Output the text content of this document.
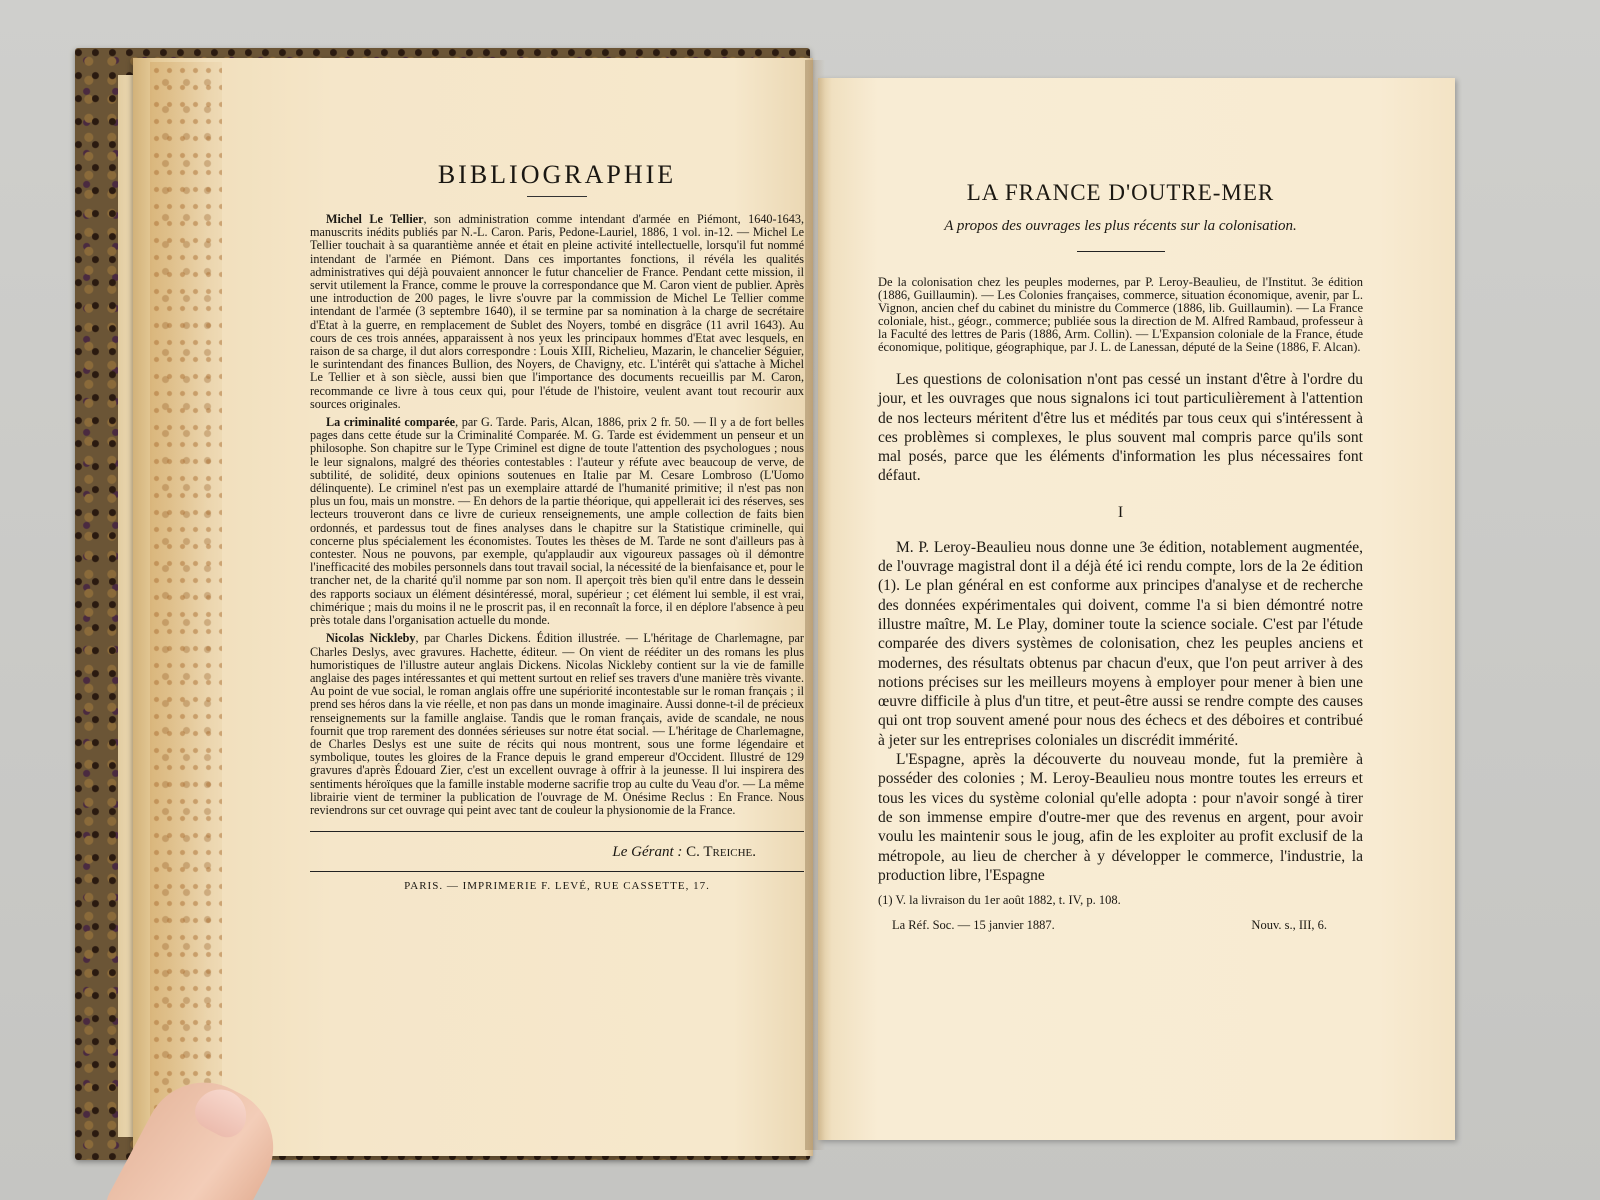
BIBLIOGRAPHIE

Michel Le Tellier, son administration comme intendant d'armée en Piémont, 1640-1643, manuscrits inédits publiés par N.-L. Caron. Paris, Pedone-Lauriel, 1886, 1 vol. in-12. — Michel Le Tellier touchait à sa quarantième année et était en pleine activité intellectuelle, lorsqu'il fut nommé intendant de l'armée en Piémont. Dans ces importantes fonctions, il révéla les qualités administratives qui déjà pouvaient annoncer le futur chancelier de France. Pendant cette mission, il servit utilement la France, comme le prouve la correspondance que M. Caron vient de publier. Après une introduction de 200 pages, le livre s'ouvre par la commission de Michel Le Tellier comme intendant de l'armée (3 septembre 1640), il se termine par sa nomination à la charge de secrétaire d'Etat à la guerre, en remplacement de Sublet des Noyers, tombé en disgrâce (11 avril 1643). Au cours de ces trois années, apparaissent à nos yeux les principaux hommes d'Etat avec lesquels, en raison de sa charge, il dut alors correspondre : Louis XIII, Richelieu, Mazarin, le chancelier Séguier, le surintendant des finances Bullion, des Noyers, de Chavigny, etc. L'intérêt qui s'attache à Michel Le Tellier et à son siècle, aussi bien que l'importance des documents recueillis par M. Caron, recommande ce livre à tous ceux qui, pour l'étude de l'histoire, veulent avant tout recourir aux sources originales.

La criminalité comparée, par G. Tarde. Paris, Alcan, 1886, prix 2 fr. 50. — Il y a de fort belles pages dans cette étude sur la Criminalité Comparée. M. G. Tarde est évidemment un penseur et un philosophe. Son chapitre sur le Type Criminel est digne de toute l'attention des psychologues ; nous le leur signalons, malgré des théories contestables : l'auteur y réfute avec beaucoup de verve, de subtilité, de solidité, deux opinions soutenues en Italie par M. Cesare Lombroso (L'Uomo délinquente). Le criminel n'est pas un exemplaire attardé de l'humanité primitive; il n'est pas non plus un fou, mais un monstre. — En dehors de la partie théorique, qui appellerait ici des réserves, ses lecteurs trouveront dans ce livre de curieux renseignements, une ample collection de faits bien ordonnés, et pardessus tout de fines analyses dans le chapitre sur la Statistique criminelle, qui concerne plus spécialement les économistes. Toutes les thèses de M. Tarde ne sont d'ailleurs pas à contester. Nous ne pouvons, par exemple, qu'applaudir aux vigoureux passages où il démontre l'inefficacité des mobiles personnels dans tout travail social, la nécessité de la bienfaisance et, pour le trancher net, de la charité qu'il nomme par son nom. Il aperçoit très bien qu'il entre dans le dessein des rapports sociaux un élément désintéressé, moral, supérieur ; cet élément lui semble, il est vrai, chimérique ; mais du moins il ne le proscrit pas, il en reconnaît la force, il en déplore l'absence à peu près totale dans l'organisation actuelle du monde.

Nicolas Nickleby, par Charles Dickens. Édition illustrée. — L'héritage de Charlemagne, par Charles Deslys, avec gravures. Hachette, éditeur. — On vient de rééditer un des romans les plus humoristiques de l'illustre auteur anglais Dickens. Nicolas Nickleby contient sur la vie de famille anglaise des pages intéressantes et qui mettent surtout en relief ses travers d'une manière très vivante. Au point de vue social, le roman anglais offre une supériorité incontestable sur le roman français ; il prend ses héros dans la vie réelle, et non pas dans un monde imaginaire. Aussi donne-t-il de précieux renseignements sur la famille anglaise. Tandis que le roman français, avide de scandale, ne nous fournit que trop rarement des données sérieuses sur notre état social. — L'héritage de Charlemagne, de Charles Deslys est une suite de récits qui nous montrent, sous une forme légendaire et symbolique, toutes les gloires de la France depuis le grand empereur d'Occident. Illustré de 129 gravures d'après Édouard Zier, c'est un excellent ouvrage à offrir à la jeunesse. Il lui inspirera des sentiments héroïques que la famille instable moderne sacrifie trop au culte du Veau d'or. — La même librairie vient de terminer la publication de l'ouvrage de M. Onésime Reclus : En France. Nous reviendrons sur cet ouvrage qui peint avec tant de couleur la physionomie de la France.

Le Gérant : C. Treiche.
PARIS. — IMPRIMERIE F. LEVÉ, RUE CASSETTE, 17.
LA FRANCE D'OUTRE-MER

A propos des ouvrages les plus récents sur la colonisation.

De la colonisation chez les peuples modernes, par P. Leroy-Beaulieu, de l'Institut. 3e édition (1886, Guillaumin). — Les Colonies françaises, commerce, situation économique, avenir, par L. Vignon, ancien chef du cabinet du ministre du Commerce (1886, lib. Guillaumin). — La France coloniale, hist., géogr., commerce; publiée sous la direction de M. Alfred Rambaud, professeur à la Faculté des lettres de Paris (1886, Arm. Collin). — L'Expansion coloniale de la France, étude économique, politique, géographique, par J. L. de Lanessan, député de la Seine (1886, F. Alcan).

Les questions de colonisation n'ont pas cessé un instant d'être à l'ordre du jour, et les ouvrages que nous signalons ici tout particulièrement à l'attention de nos lecteurs méritent d'être lus et médités par tous ceux qui s'intéressent à ces problèmes si complexes, le plus souvent mal compris parce qu'ils sont mal posés, parce que les éléments d'information les plus nécessaires font défaut.

I

M. P. Leroy-Beaulieu nous donne une 3e édition, notablement augmentée, de l'ouvrage magistral dont il a déjà été ici rendu compte, lors de la 2e édition (1). Le plan général en est conforme aux principes d'analyse et de recherche des données expérimentales qui doivent, comme l'a si bien démontré notre illustre maître, M. Le Play, dominer toute la science sociale. C'est par l'étude comparée des divers systèmes de colonisation, chez les peuples anciens et modernes, des résultats obtenus par chacun d'eux, que l'on peut arriver à des notions précises sur les meilleurs moyens à employer pour mener à bien une œuvre difficile à plus d'un titre, et peut-être aussi se rendre compte des causes qui ont trop souvent amené pour nous des échecs et des déboires et contribué à jeter sur les entreprises coloniales un discrédit immérité.

L'Espagne, après la découverte du nouveau monde, fut la première à posséder des colonies ; M. Leroy-Beaulieu nous montre toutes les erreurs et tous les vices du système colonial qu'elle adopta : pour n'avoir songé à tirer de son immense empire d'outre-mer que des revenus en argent, pour avoir voulu les maintenir sous le joug, afin de les exploiter au profit exclusif de la métropole, au lieu de chercher à y développer le commerce, l'industrie, la production libre, l'Espagne

(1) V. la livraison du 1er août 1882, t. IV, p. 108.

La Réf. Soc. — 15 janvier 1887.	Nouv. s., III, 6.
